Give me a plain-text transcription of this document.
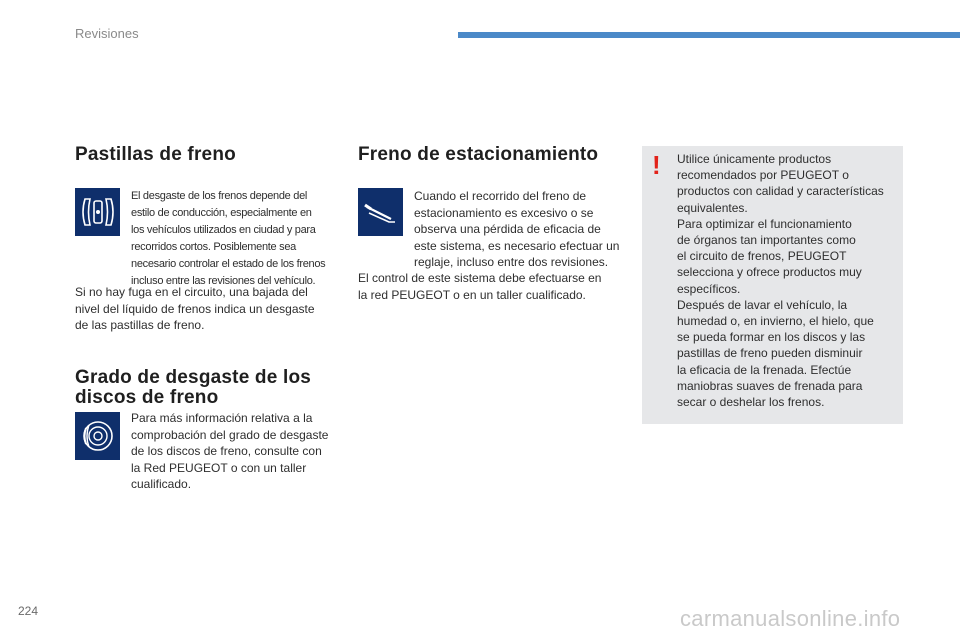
Revisiones
Pastillas de freno
El desgaste de los frenos depende del
estilo de conducción, especialmente en
los vehículos utilizados en ciudad y para
recorridos cortos. Posiblemente sea
necesario controlar el estado de los frenos
incluso entre las revisiones del vehículo.
Si no hay fuga en el circuito, una bajada del
nivel del líquido de frenos indica un desgaste
de las pastillas de freno.
Grado de desgaste de los
discos de freno
Para más información relativa a la
comprobación del grado de desgaste
de los discos de freno, consulte con
la Red PEUGEOT o con un taller
cualificado.
Freno de estacionamiento
Cuando el recorrido del freno de
estacionamiento es excesivo o se
observa una pérdida de eficacia de
este sistema, es necesario efectuar un
reglaje, incluso entre dos revisiones.
El control de este sistema debe efectuarse en
la red PEUGEOT o en un taller cualificado.
! Utilice únicamente productos
recomendados por PEUGEOT o
productos con calidad y características
equivalentes.
Para optimizar el funcionamiento
de órganos tan importantes como
el circuito de frenos, PEUGEOT
selecciona y ofrece productos muy
específicos.
Después de lavar el vehículo, la
humedad o, en invierno, el hielo, que
se pueda formar en los discos y las
pastillas de freno pueden disminuir
la eficacia de la frenada. Efectúe
maniobras suaves de frenada para
secar o deshelar los frenos.
224	carmanualsonline.info
